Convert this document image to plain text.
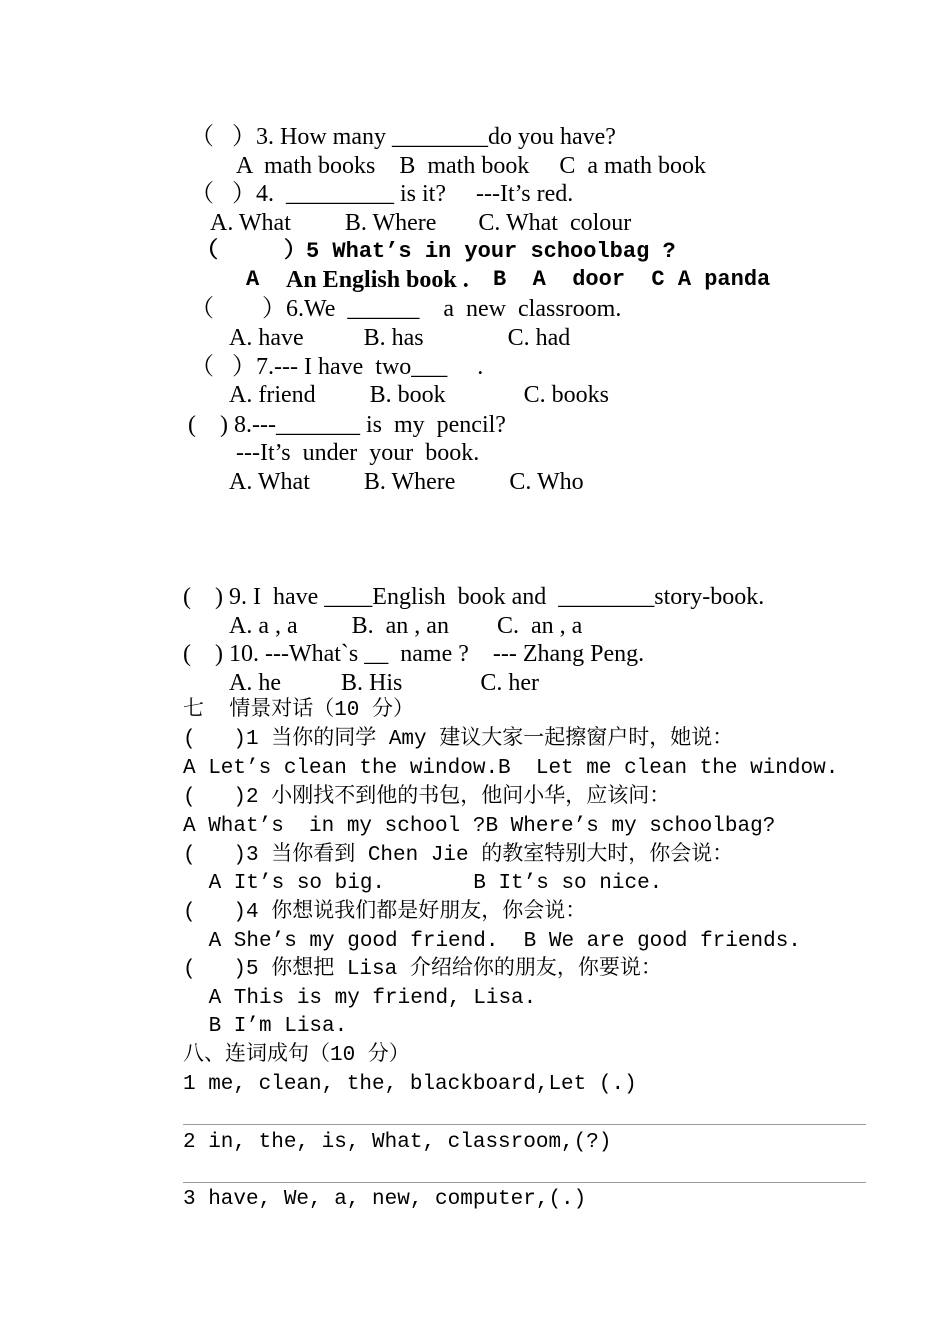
（   ）3. How many ________do you have?
A  math books    B  math book     C  a math book
（   ）4.  _________ is it?     ---It’s red.
A. What         B. Where       C. What  colour
（     ）5 What’s in your schoolbag ?
A An English book . B  A  door  C A panda
（        ）6.We  ______    a  new  classroom.
A. have          B. has              C. had
（   ）7.--- I have  two___     .
A. friend         B. book             C. books
(    ) 8.---_______ is  my  pencil?
---It’s  under  your  book.
A. What         B. Where         C. Who
(    ) 9. I  have ____English  book and  ________story-book.
A. a , a         B.  an , an        C.  an , a
(    ) 10. ---What`s __  name ?    --- Zhang Peng.
A. he          B. His             C. her
七  情景对话（10 分）
(   )1 当你的同学 Amy 建议大家一起擦窗户时，她说：
A Let’s clean the window.B  Let me clean the window.
(   )2 小刚找不到他的书包，他问小华，应该问：
A What’s  in my school ?B Where’s my schoolbag?
(   )3 当你看到 Chen Jie 的教室特别大时，你会说：
A It’s so big.       B It’s so nice.
(   )4 你想说我们都是好朋友，你会说：
A She’s my good friend.  B We are good friends.
(   )5 你想把 Lisa 介绍给你的朋友，你要说：
A This is my friend, Lisa.
B I’m Lisa.
八、连词成句（10 分）
1 me, clean, the, blackboard,Let (.)
2 in, the, is, What, classroom,(?)
3 have, We, a, new, computer,(.)
